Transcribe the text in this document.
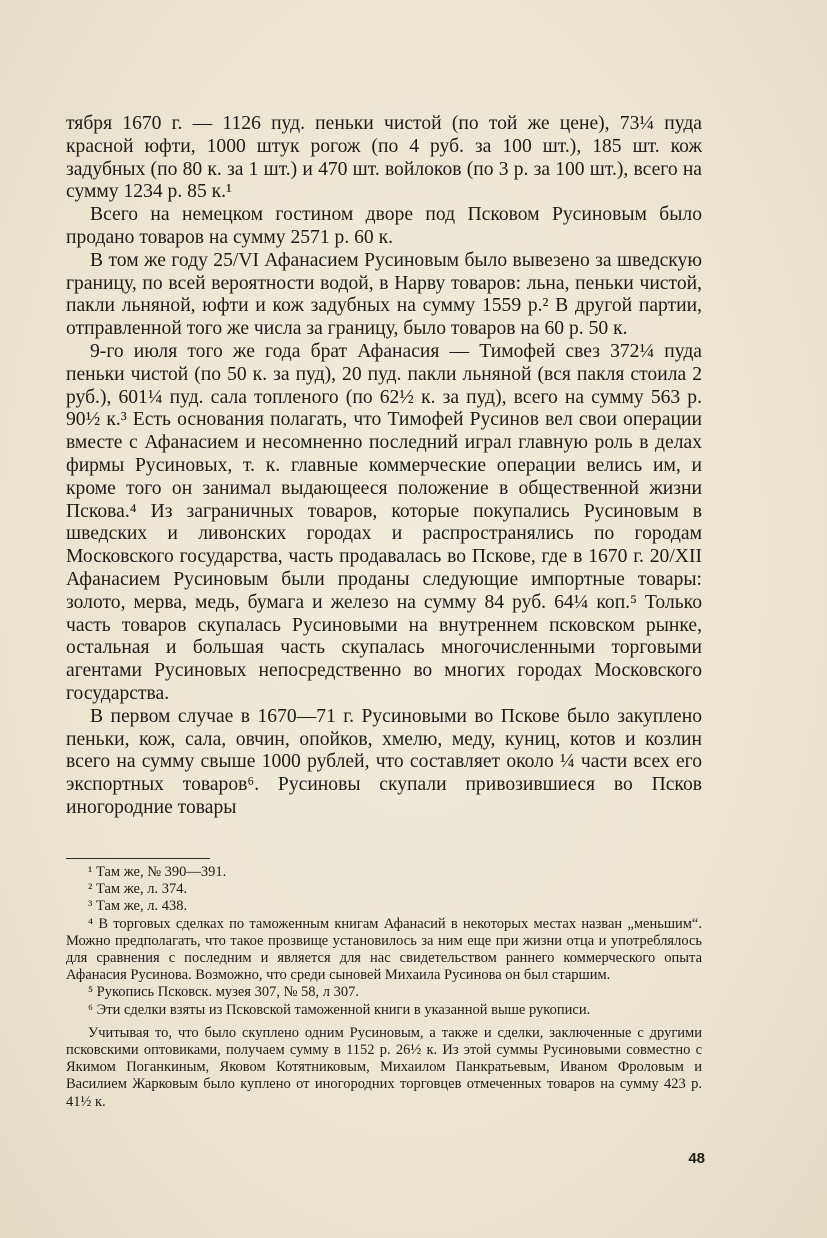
тября 1670 г. — 1126 пуд. пеньки чистой (по той же цене), 73¼ пуда красной юфти, 1000 штук рогож (по 4 руб. за 100 шт.), 185 шт. кож задубных (по 80 к. за 1 шт.) и 470 шт. войлоков (по 3 р. за 100 шт.), всего на сумму 1234 р. 85 к.¹

Всего на немецком гостином дворе под Псковом Русиновым было продано товаров на сумму 2571 р. 60 к.

В том же году 25/VI Афанасием Русиновым было вывезено за шведскую границу, по всей вероятности водой, в Нарву товаров: льна, пеньки чистой, пакли льняной, юфти и кож задубных на сумму 1559 р.² В другой партии, отправленной того же числа за границу, было товаров на 60 р. 50 к.

9-го июля того же года брат Афанасия — Тимофей свез 372¼ пуда пеньки чистой (по 50 к. за пуд), 20 пуд. пакли льняной (вся пакля стоила 2 руб.), 601¼ пуд. сала топленого (по 62½ к. за пуд), всего на сумму 563 р. 90½ к.³ Есть основания полагать, что Тимофей Русинов вел свои операции вместе с Афанасием и несомненно последний играл главную роль в делах фирмы Русиновых, т. к. главные коммерческие операции велись им, и кроме того он занимал выдающееся положение в общественной жизни Пскова.⁴ Из заграничных товаров, которые покупались Русиновым в шведских и ливонских городах и распространялись по городам Московского государства, часть продавалась во Пскове, где в 1670 г. 20/XII Афанасием Русиновым были проданы следующие импортные товары: золото, мерва, медь, бумага и железо на сумму 84 руб. 64¼ коп.⁵ Только часть товаров скупалась Русиновыми на внутреннем псковском рынке, остальная и большая часть скупалась многочисленными торговыми агентами Русиновых непосредственно во многих городах Московского государства.

В первом случае в 1670—71 г. Русиновыми во Пскове было закуплено пеньки, кож, сала, овчин, опойков, хмелю, меду, куниц, котов и козлин всего на сумму свыше 1000 рублей, что составляет около ¼ части всех его экспортных товаров⁶. Русиновы скупали привозившиеся во Псков иногородние товары

¹ Там же, № 390—391.

² Там же, л. 374.

³ Там же, л. 438.

⁴ В торговых сделках по таможенным книгам Афанасий в некоторых местах назван „меньшим“. Можно предполагать, что такое прозвище установилось за ним еще при жизни отца и употреблялось для сравнения с последним и является для нас свидетельством раннего коммерческого опыта Афанасия Русинова. Возможно, что среди сыновей Михаила Русинова он был старшим.

⁵ Рукопись Псковск. музея 307, № 58, л 307.

⁶ Эти сделки взяты из Псковской таможенной книги в указанной выше рукописи.

Учитывая то, что было скуплено одним Русиновым, а также и сделки, заключенные с другими псковскими оптовиками, получаем сумму в 1152 р. 26½ к. Из этой суммы Русиновыми совместно с Якимом Поганкиным, Яковом Котятниковым, Михаилом Панкратьевым, Иваном Фроловым и Василием Жарковым было куплено от иногородних торговцев отмеченных товаров на сумму 423 р. 41½ к.

48
